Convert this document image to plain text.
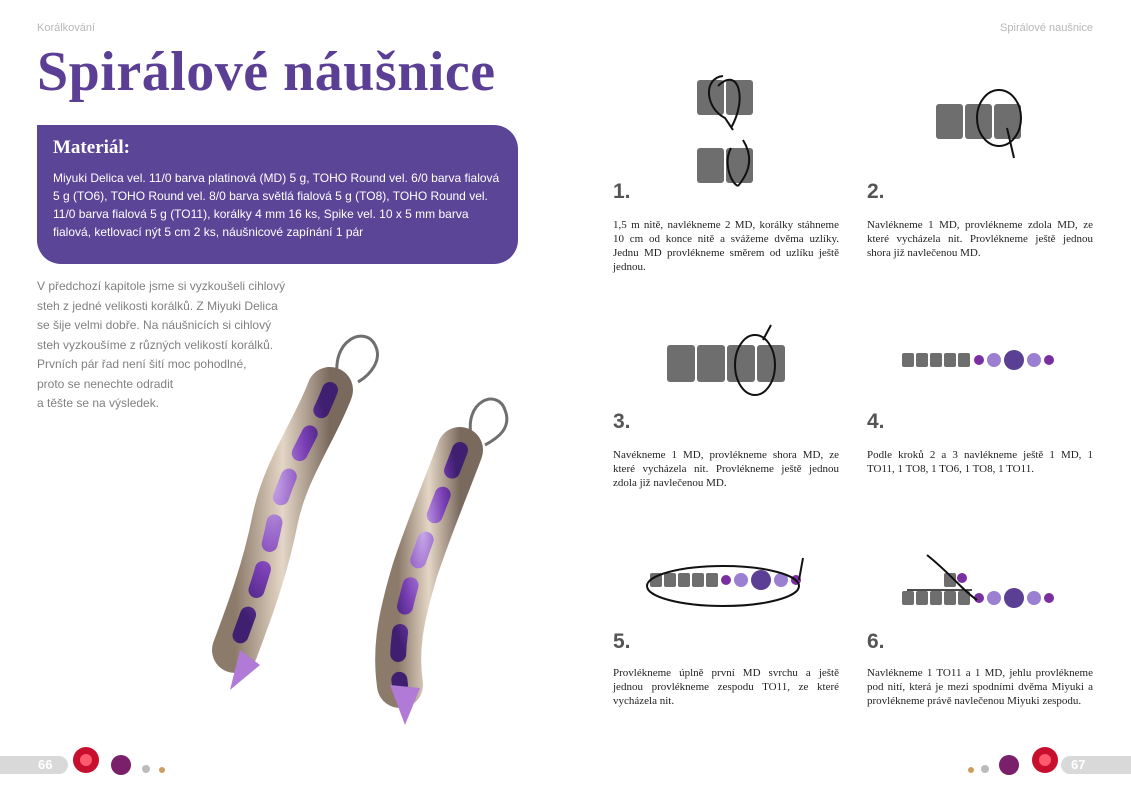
Korálkování
Spirálové náušnice
Materiál:

Miyuki Delica vel. 11/0 barva platinová (MD) 5 g, TOHO Round vel. 6/0 barva fialová 5 g (TO6), TOHO Round vel. 8/0 barva světlá fialová 5 g (TO8), TOHO Round vel. 11/0 barva fialová 5 g (TO11), korálky 4 mm 16 ks, Spike vel. 10 x 5 mm barva fialová, ketlovací nýt 5 cm 2 ks, náušnicové zapínání 1 pár

V předchozí kapitole jsme si vyzkoušeli cihlový
steh z jedné velikosti korálků. Z Miyuki Delica
se šije velmi dobře. Na náušnicích si cihlový
steh vyzkoušíme z různých velikostí korálků.
Prvních pár řad není šití moc pohodlné,
proto se nenechte odradit
a těšte se na výsledek.

66
Spirálové naušnice
1.

1,5 m nitě, navlékneme 2 MD, korálky stáhneme 10 cm od konce nitě a svážeme dvěma uzlíky. Jednu MD provlékneme směrem od uzlíku ještě jednou.

2.

Navlékneme 1 MD, provlékneme zdola MD, ze které vycházela nit. Provlékneme ještě jednou shora již navlečenou MD.

3.

Navékneme 1 MD, provlékneme shora MD, ze které vycházela nit. Provlékneme ještě jednou zdola již navlečenou MD.

4.

Podle kroků 2 a 3 navlékneme ještě 1 MD, 1 TO11, 1 TO8, 1 TO6, 1 TO8, 1 TO11.

5.

Provlékneme úplně první MD svrchu a ještě jednou provlékneme zespodu TO11, ze které vycházela nit.

6.

Navlékneme 1 TO11 a 1 MD, jehlu provlékneme pod nití, která je mezi spodními dvěma Miyuki a provlékneme právě navlečenou Miyuki zespodu.

67
